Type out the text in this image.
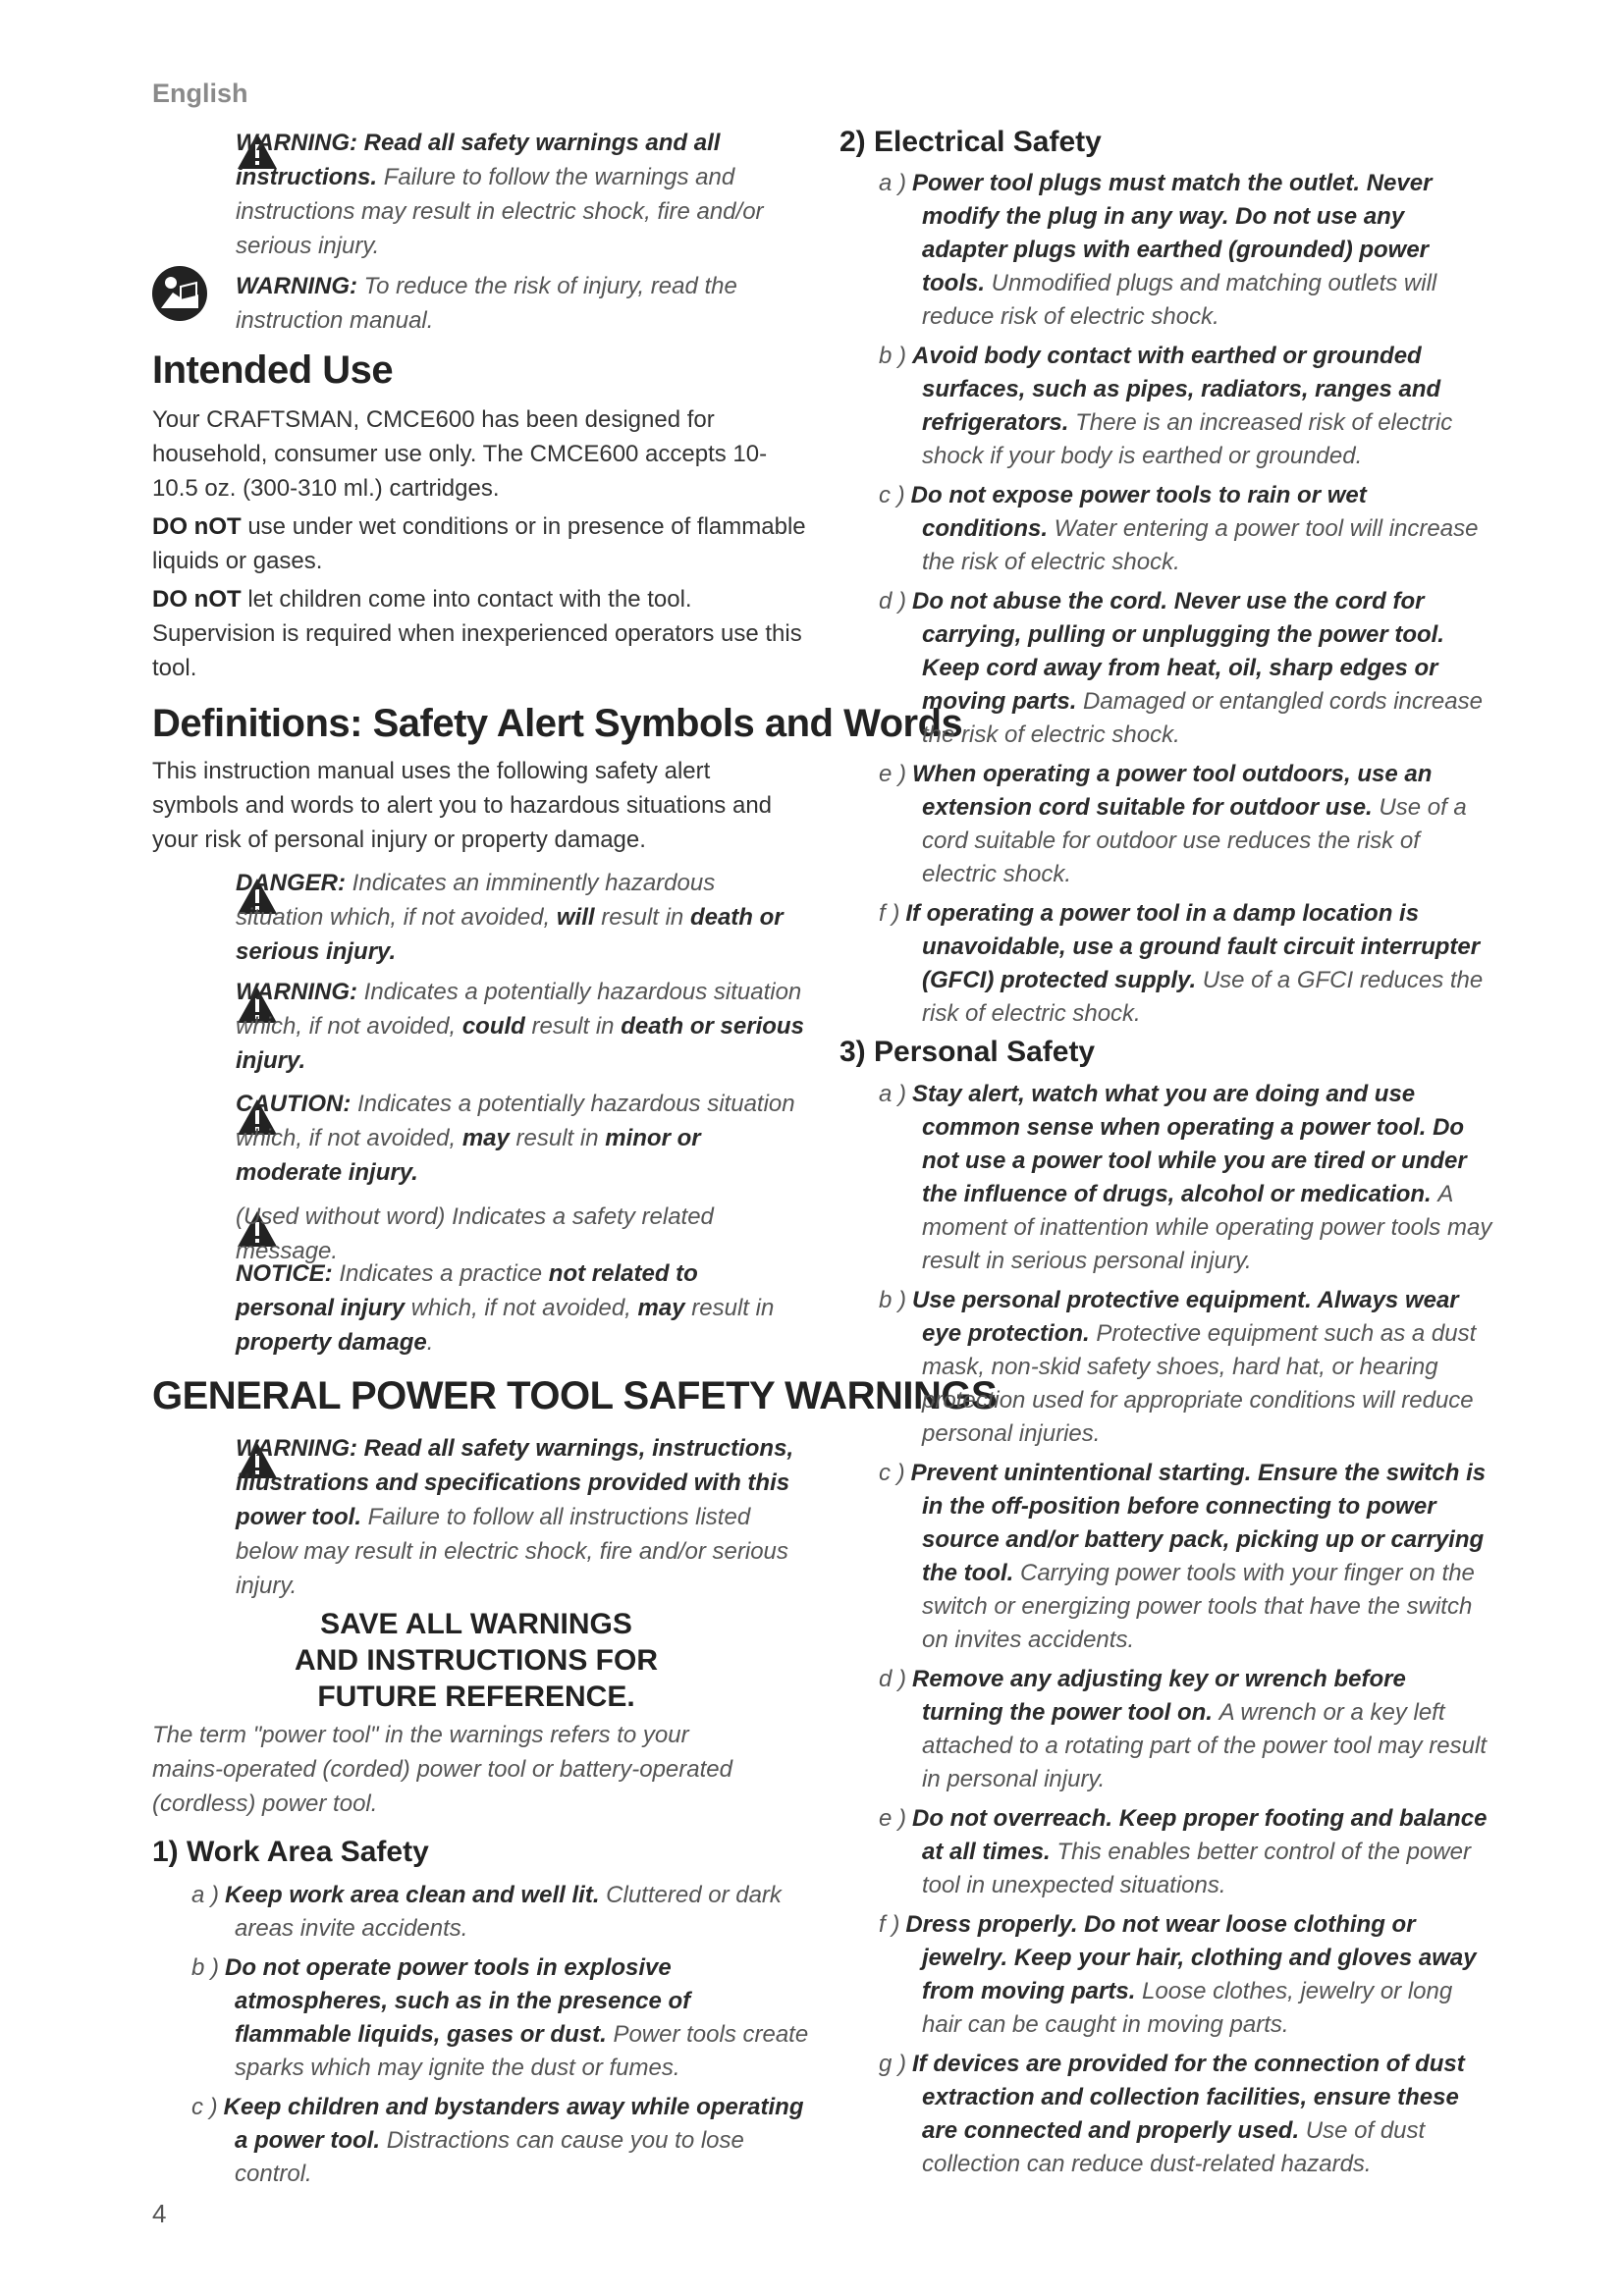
English
WARNING: Read all safety warnings and all instructions. Failure to follow the warnings and instructions may result in electric shock, fire and/or serious injury.
WARNING: To reduce the risk of injury, read the instruction manual.
Intended Use

Your CRAFTSMAN, CMCE600 has been designed for household, consumer use only. The CMCE600 accepts 10-10.5 oz. (300-310 ml.) cartridges.

DO nOT use under wet conditions or in presence of flammable liquids or gases.

DO nOT let children come into contact with the tool. Supervision is required when inexperienced operators use this tool.

Definitions: Safety Alert Symbols and Words
This instruction manual uses the following safety alert symbols and words to alert you to hazardous situations and your risk of personal injury or property damage.
DANGER: Indicates an imminently hazardous situation which, if not avoided, will result in death or serious injury.
WARNING: Indicates a potentially hazardous situation which, if not avoided, could result in death or serious injury.
CAUTION: Indicates a potentially hazardous situation which, if not avoided, may result in minor or moderate injury.
(Used without word) Indicates a safety related message.
NOTICE: Indicates a practice not related to personal injury which, if not avoided, may result in property damage.
GENERAL POWER TOOL SAFETY WARNINGS
WARNING: Read all safety warnings, instructions, illustrations and specifications provided with this power tool. Failure to follow all instructions listed below may result in electric shock, fire and/or serious injury.
SAVE ALL WARNINGS
AND INSTRUCTIONS FOR
FUTURE REFERENCE.
The term "power tool" in the warnings refers to your mains-operated (corded) power tool or battery-operated (cordless) power tool.
1) Work Area Safety
a ) Keep work area clean and well lit. Cluttered or dark areas invite accidents.
b ) Do not operate power tools in explosive atmospheres, such as in the presence of flammable liquids, gases or dust. Power tools create sparks which may ignite the dust or fumes.
c ) Keep children and bystanders away while operating a power tool. Distractions can cause you to lose control.
4
2) Electrical Safety
a ) Power tool plugs must match the outlet. Never modify the plug in any way. Do not use any adapter plugs with earthed (grounded) power tools. Unmodified plugs and matching outlets will reduce risk of electric shock.
b ) Avoid body contact with earthed or grounded surfaces, such as pipes, radiators, ranges and refrigerators. There is an increased risk of electric shock if your body is earthed or grounded.
c ) Do not expose power tools to rain or wet conditions. Water entering a power tool will increase the risk of electric shock.
d ) Do not abuse the cord. Never use the cord for carrying, pulling or unplugging the power tool. Keep cord away from heat, oil, sharp edges or moving parts. Damaged or entangled cords increase the risk of electric shock.
e ) When operating a power tool outdoors, use an extension cord suitable for outdoor use. Use of a cord suitable for outdoor use reduces the risk of electric shock.
f ) If operating a power tool in a damp location is unavoidable, use a ground fault circuit interrupter (GFCI) protected supply. Use of a GFCI reduces the risk of electric shock.
3) Personal Safety
a ) Stay alert, watch what you are doing and use common sense when operating a power tool. Do not use a power tool while you are tired or under the influence of drugs, alcohol or medication. A moment of inattention while operating power tools may result in serious personal injury.
b ) Use personal protective equipment. Always wear eye protection. Protective equipment such as a dust mask, non-skid safety shoes, hard hat, or hearing protection used for appropriate conditions will reduce personal injuries.
c ) Prevent unintentional starting. Ensure the switch is in the off-position before connecting to power source and/or battery pack, picking up or carrying the tool. Carrying power tools with your finger on the switch or energizing power tools that have the switch on invites accidents.
d ) Remove any adjusting key or wrench before turning the power tool on. A wrench or a key left attached to a rotating part of the power tool may result in personal injury.
e ) Do not overreach. Keep proper footing and balance at all times. This enables better control of the power tool in unexpected situations.
f ) Dress properly. Do not wear loose clothing or jewelry. Keep your hair, clothing and gloves away from moving parts. Loose clothes, jewelry or long hair can be caught in moving parts.
g ) If devices are provided for the connection of dust extraction and collection facilities, ensure these are connected and properly used. Use of dust collection can reduce dust-related hazards.
